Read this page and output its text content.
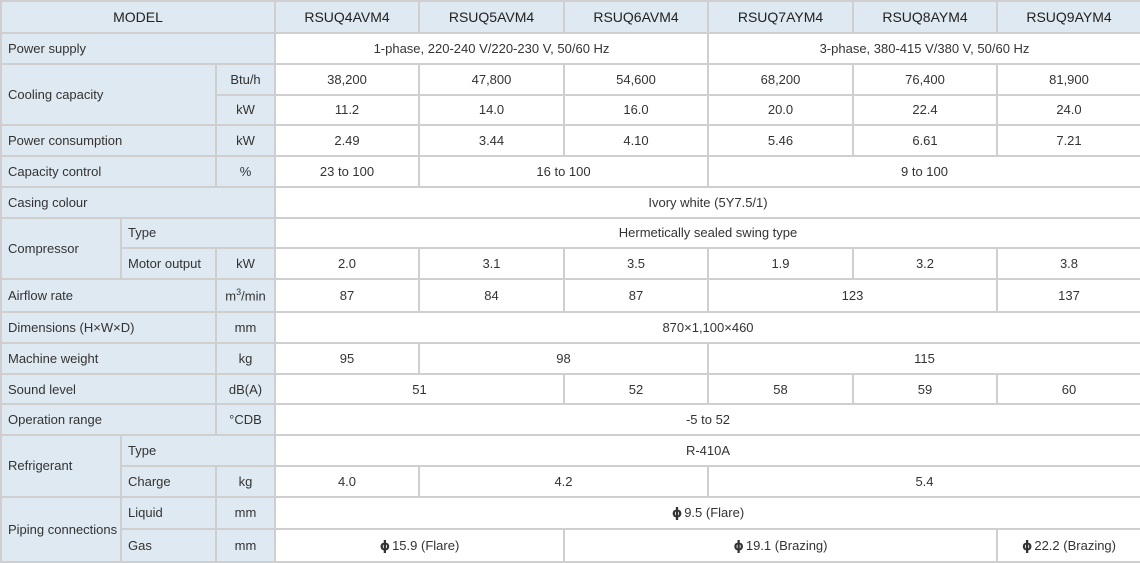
MODEL			RSUQ4AVM4	RSUQ5AVM4	RSUQ6AVM4	RSUQ7AYM4	RSUQ8AYM4	RSUQ9AYM4
Power supply			1-phase, 220-240 V/220-230 V, 50/60 Hz			3-phase, 380-415 V/380 V, 50/60 Hz		
Cooling capacity		Btu/h	38,200	47,800	54,600	68,200	76,400	81,900
		kW	11.2	14.0	16.0	20.0	22.4	24.0
Power consumption		kW	2.49	3.44	4.10	5.46	6.61	7.21
Capacity control		%	23 to 100	16 to 100		9 to 100		
Casing colour			Ivory white (5Y7.5/1)					
Compressor	Type		Hermetically sealed swing type					
	Motor output	kW	2.0	3.1	3.5	1.9	3.2	3.8
Airflow rate		$m^3/\min$	87	84	87	123		137
Dimensions (H×W×D)		mm	870×1,100×460					
Machine weight		kg	95	98		115		
Sound level		dB(A)	51		52	58	59	60
Operation range		°CDB	-5 to 52					
Refrigerant	Type		R-410A					
	Charge	kg	4.0	4.2		5.4		
Piping connections	Liquid	mm	ϕ 9.5 (Flare)					
	Gas	mm	ϕ 15.9 (Flare)		ϕ 19.1 (Brazing)			ϕ 22.2 (Brazing)
